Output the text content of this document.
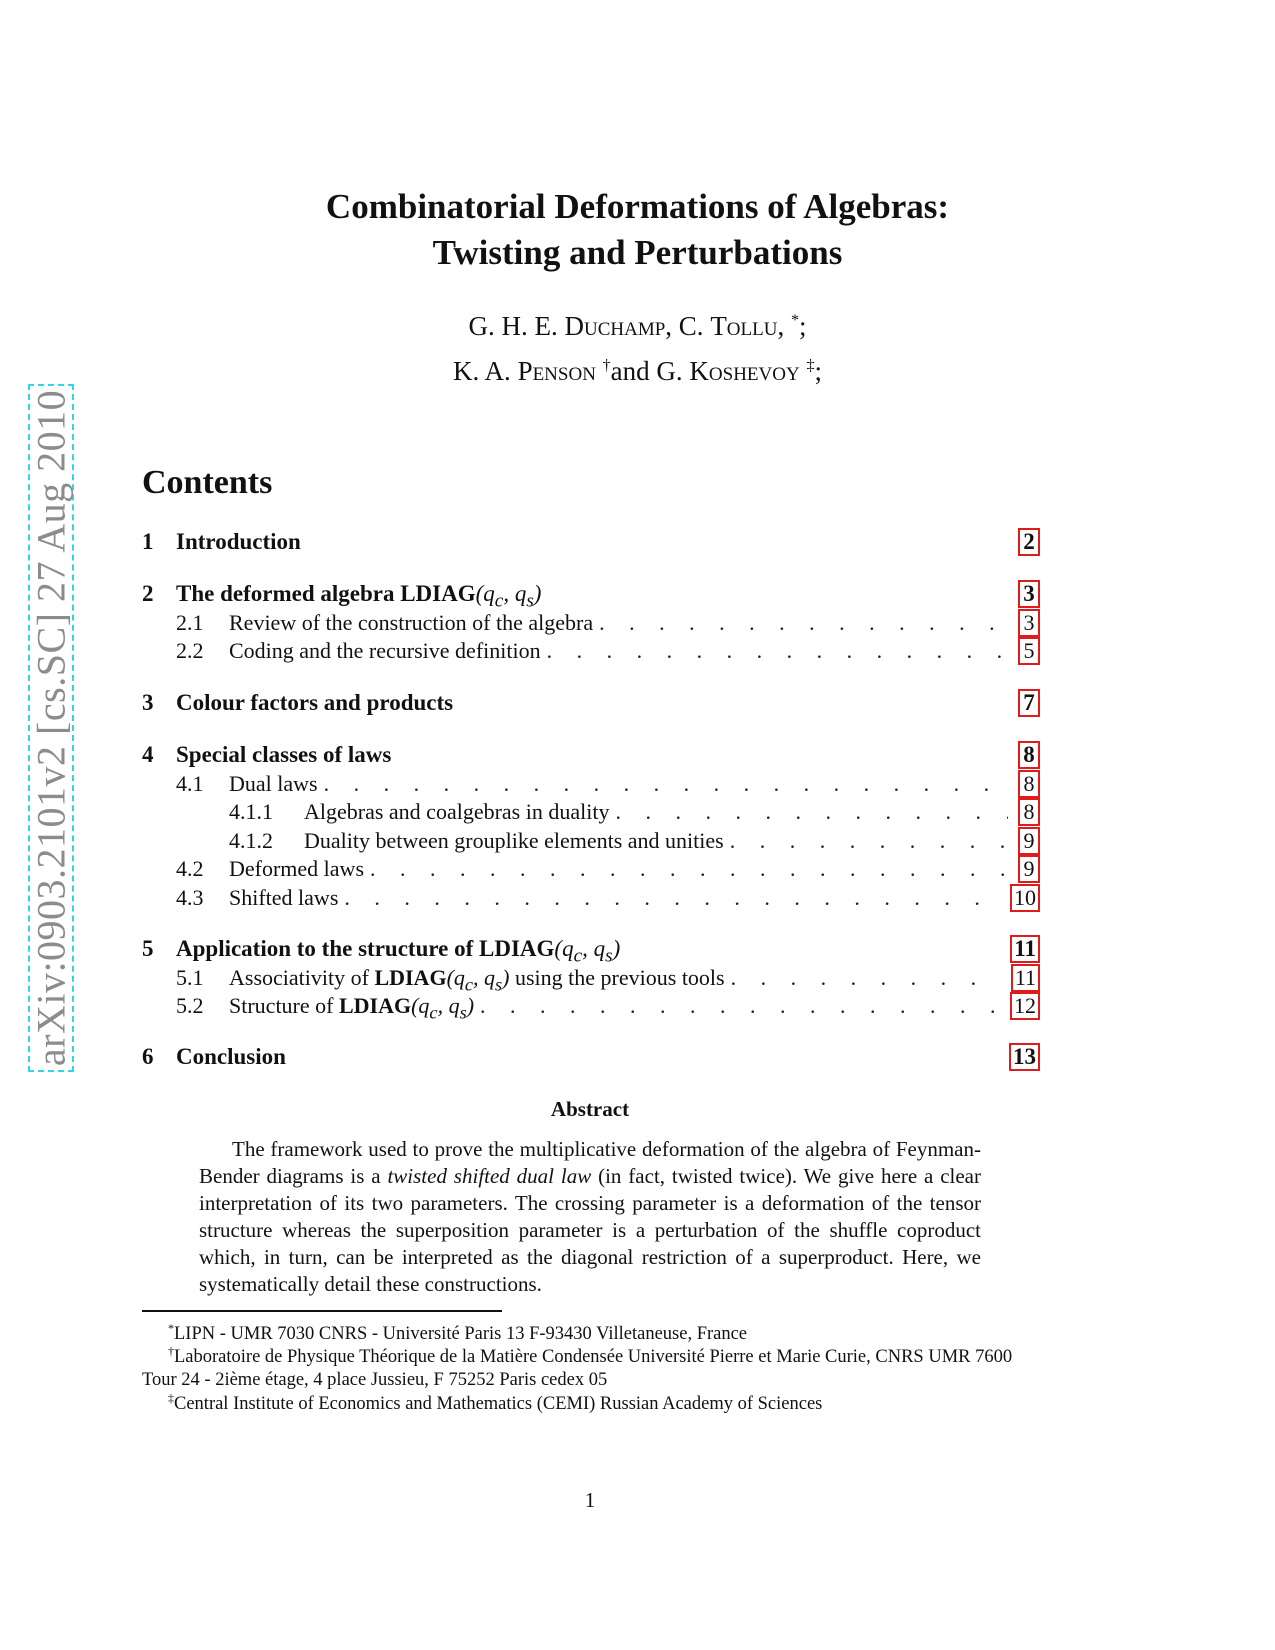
arXiv:0903.2101v2 [cs.SC] 27 Aug 2010
Combinatorial Deformations of Algebras:
Twisting and Perturbations
G. H. E. Duchamp, C. Tollu, *;
K. A. Penson †and G. Koshevoy ‡;
Contents
1 Introduction	2
2 The deformed algebra LDIAG ($q_c$, $q_s$)	3
2.1	Review of the construction of the algebra . . .	3
2.2	Coding and the recursive definition . . .	5
3 Colour factors and products	7
4 Special classes of laws	8
4.1	Dual laws . . .	8
4.1.1	Algebras and coalgebras in duality . . .	8
4.1.2	Duality between grouplike elements and unities . . .	9
4.2	Deformed laws . . .	9
4.3	Shifted laws . . .	10
5 Application to the structure of LDIAG ($q_c$, $q_s$)	11
5.1	Associativity of
LDIAG ($q_c$, $q_s$)
using the previous tools . . .	11
5.2	Structure of
LDIAG ($q_c$, $q_s$) . . .	12
6 Conclusion	13
Abstract
The framework used to prove the multiplicative deformation of the algebra of Feynman-Bender diagrams is a twisted shifted dual law (in fact, twisted twice). We give here a clear interpretation of its two parameters. The crossing parameter is a deformation of the tensor structure whereas the superposition parameter is a perturbation of the shuffle coproduct which, in turn, can be interpreted as the diagonal restriction of a superproduct. Here, we systematically detail these constructions.
*LIPN - UMR 7030 CNRS - Université Paris 13 F-93430 Villetaneuse, France
†Laboratoire de Physique Théorique de la Matière Condensée Université Pierre et Marie Curie, CNRS UMR 7600 Tour 24 - 2ième étage, 4 place Jussieu, F 75252 Paris cedex 05
‡Central Institute of Economics and Mathematics (CEMI) Russian Academy of Sciences
1
